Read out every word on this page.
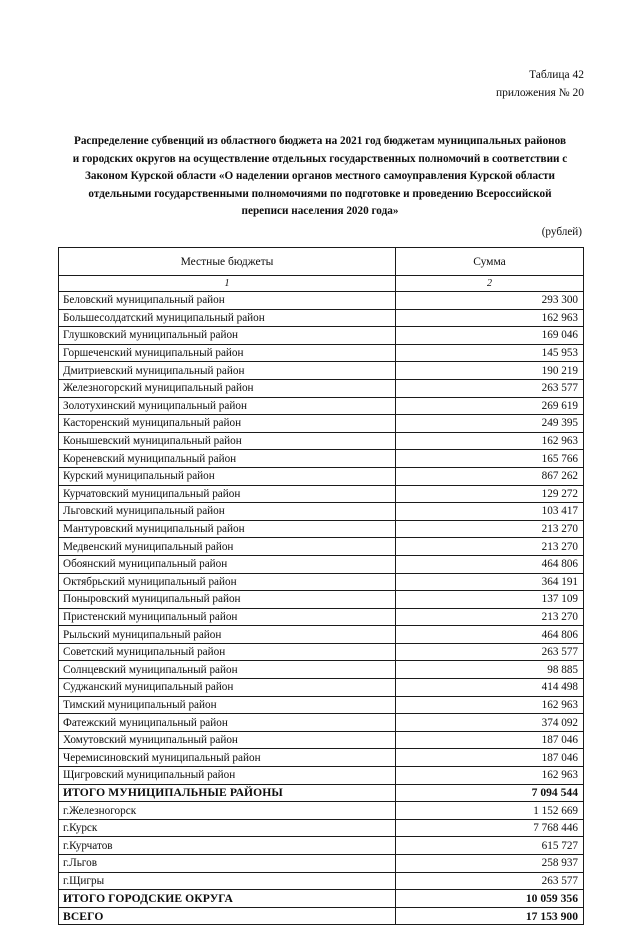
Таблица 42
приложения № 20
Распределение субвенций из областного бюджета на 2021 год бюджетам муниципальных районов
и городских округов на осуществление отдельных государственных полномочий в соответствии с
Законом Курской области «О наделении органов местного самоуправления Курской области
отдельными государственными полномочиями по подготовке и проведению Всероссийской
переписи населения 2020 года»
(рублей)
Местные бюджеты	Сумма
1	2
Беловский муниципальный район	293 300
Большесолдатский муниципальный район	162 963
Глушковский муниципальный район	169 046
Горшеченский муниципальный район	145 953
Дмитриевский муниципальный район	190 219
Железногорский муниципальный район	263 577
Золотухинский муниципальный район	269 619
Касторенский муниципальный район	249 395
Конышевский муниципальный район	162 963
Кореневский муниципальный район	165 766
Курский муниципальный район	867 262
Курчатовский муниципальный район	129 272
Льговский муниципальный район	103 417
Мантуровский муниципальный район	213 270
Медвенский муниципальный район	213 270
Обоянский муниципальный район	464 806
Октябрьский муниципальный район	364 191
Поныровский муниципальный район	137 109
Пристенский муниципальный район	213 270
Рыльский муниципальный район	464 806
Советский муниципальный район	263 577
Солнцевский муниципальный район	98 885
Суджанский муниципальный район	414 498
Тимский муниципальный район	162 963
Фатежский муниципальный район	374 092
Хомутовский муниципальный район	187 046
Черемисиновский муниципальный район	187 046
Щигровский муниципальный район	162 963
ИТОГО МУНИЦИПАЛЬНЫЕ РАЙОНЫ	7 094 544
г.Железногорск	1 152 669
г.Курск	7 768 446
г.Курчатов	615 727
г.Льгов	258 937
г.Щигры	263 577
ИТОГО ГОРОДСКИЕ ОКРУГА	10 059 356
ВСЕГО	17 153 900
